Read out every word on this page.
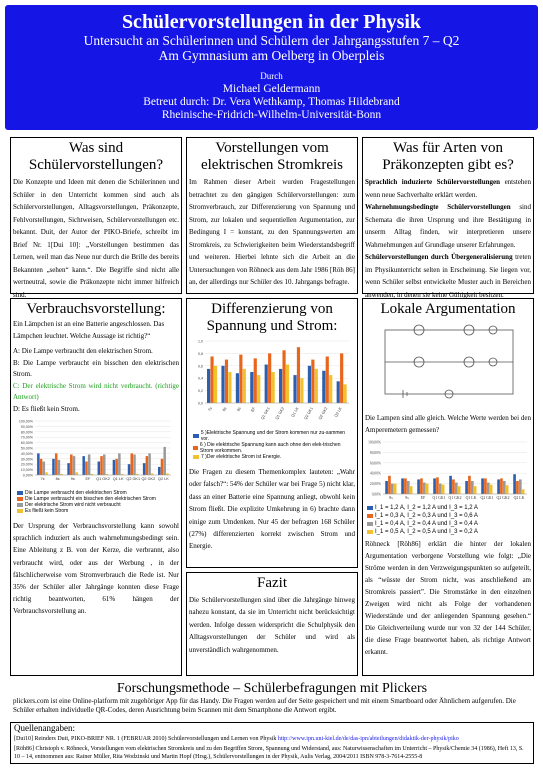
Schülervorstellungen in der Physik
Untersucht an Schülerinnen und Schülern der Jahrgangsstufen 7 – Q2
Am Gymnasium am Oelberg in Oberpleis
Durch
Michael Geldermann
Betreut durch: Dr. Vera Wethkamp, Thomas Hildebrand
Rheinische-Fridrich-Wilhelm-Universität-Bonn
Was sind
Schülervorstellungen?
Die Konzepte und Ideen mit denen die Schülerinnen und Schüler in den Unterricht kommen sind auch als Schülervorstellungen, Alltagsvorstellungen, Präkonzepte, Fehlvorstellungen, Sichtweisen, Schülervorstellungen etc. bekannt. Duit, der Autor der PIKO-Briefe, schreibt im Brief Nr. 1[Dui 10]: „Vorstellungen bestimmen das Lernen, weil man das Neue nur durch die Brille des bereits Bekannten „sehen“ kann.“. Die Begriffe sind nicht alle wertneutral, sowie die Präkonzepte nicht immer hilfreich sind.
Vorstellungen vom
elektrischen Stromkreis
Im Rahmen dieser Arbeit wurden Fragestellungen betrachtet zu den gängigen Schülervorstellungen: zum Stromverbrauch, zur Differenzierung von Spannung und Strom, zur lokalen und sequentiellen Argumentation, zur Bedingung I = konstant, zu den Spannungswerten am Stromkreis, zu Schwierigkeiten beim Wiederstandsbegriff und weiteren. Hierbei lehnte sich die Arbeit an die Untersuchungen von Röhneck aus dem Jahr 1986 [Röh 86] an, der allerdings nur Schüler des 10. Jahrgangs befragte.
Was für Arten von
Präkonzepten gibt es?

Sprachlich induzierte Schülervorstellungen entstehen wenn neue Sachverhalte erklärt werden.

Wahrnehmungsbedingte Schülervorstellungen sind Schemata die ihren Ursprung und ihre Bestätigung in unserm Alltag finden, wir interpretieren unsere Wahrnehmungen auf Grundlage unserer Erfahrungen.

Schülervorstellungen durch Übergeneralisierung treten im Physikunterricht selten in Erscheinung. Sie liegen vor, wenn Schüler selbst entwickelte Muster auch in Bereichen anwenden, in denen sie keine Gültigkeit besitzen.

Verbrauchsvorstellung:
Ein Lämpchen ist an eine Batterie angeschlossen. Das Lämpchen leuchtet. Welche Aussage ist richtig?“
A: Die Lampe verbraucht den elektrischen Strom.
B: Die Lampe verbraucht ein bisschen den elektrischen Strom.
C: Der elektrische Strom wird nicht verbraucht. (richtige Antwort)
D: Es fließt kein Strom.
0,00%
10,00%
20,00%
30,00%
40,00%
50,00%
60,00%
70,00%
80,00%
90,00%
100,00%
7s	8s	9s	EF Q1 GK2 Q1 LK Q2 GK1 Q2 GK2 Q2 LK
Die Lampe verbraucht den elektrischen Strom
Die Lampe verbraucht ein bisschen den elektrischen Strom
Der elektrische Strom wird nicht verbraucht
Es fließt kein Strom
Der Ursprung der Verbrauchsvorstellung kann sowohl sprachlich induziert als auch wahrnehmungsbedingt sein. Eine Ableitung z B. von der Kerze, die verbrannt, also verbraucht wird, oder aus der Werbung , in der fälschlicherweise vom Stromverbrauch die Rede ist. Nur 35% der Schüler aller Jahrgänge konnten diese Frage richtig beantworten, 61% hängen der Verbrauchsvorstellung an.
Differenzierung von
Spannung und Strom:
0,0
0,2
0,4
0,6
0,8
1,0
7s 8s 9s EF Q1 GK1 Q1 GK2 Q1 LK Q2 GK1 Q2 GK2 Q2 LK
5 )Elektrische Spannung und der Strom kommen nur zu-sammen vor.
6 ) Die elektrische Spannung kann auch ohne den elek-trischen Strom vorkommen.
7 )Der elektrische Strom ist Energie.
Die Fragen zu diesem Themenkomplex lauteten: „Wahr oder falsch?“: 54% der Schüler war bei Frage 5) nicht klar, dass an einer Batterie eine Spannung anliegt, obwohl kein Strom fließt. Die explizite Umkehrung in 6) brachte dann einige zum Umdenken. Nur 45 der befragten 168 Schüler (27%) differenzierten korrekt zwischen Strom und Energie.
Fazit
Die Schülervorstellungen sind über die Jahrgänge hinweg nahezu konstant, da sie im Unterricht nicht berücksichtigt werden. Infolge dessen widerspricht die Schulphysik den Alltagsvorstellungen der Schüler und wird als unverständlich wahrgenommen.
Lokale Argumentation
Die Lampen sind alle gleich. Welche Werte werden bei den Amperemetern gemessen?
0,00%
20,00%
40,00%
60,00%
80,00%
100,00%
8s	9s	EF Q1 GK1 Q1 GK2 Q1 LK Q2 GK1 Q2 GK2 Q2 LK
I_1 = 1,2 A, I_2 = 1,2 A und I_3 = 1,2 A
I_1 = 0,3 A, I_2 = 0,3 A und I_3 = 0,6 A
I_1 = 0,4 A, I_2 = 0,4 A und I_3 = 0,4 A
I_1 = 0,5 A, I_2 = 0,5 A und I_3 = 0,2 A
Röhneck [Röh86] erklärt die hinter der lokalen Argumentation verborgene Vorstellung wie folgt: „Die Ströme werden in den Verzweigungspunkten so aufgeteilt, als “wüsste der Strom nicht, was anschließend am Stromkreis passiert”. Die Stromstärke in den einzelnen Zweigen wird nicht als Folge der vorhandenen Wiederstände und der anliegenden Spannung gesehen.“ Die Gleichverteilung wurde nur von 32 der 144 Schüler, die diese Frage beantwortet haben, als richtige Antwort erkannt.
Forschungsmethode – Schülerbefragungen mit Plickers
plickers.com ist eine Online-platform mit zugehöriger App für das Handy. Die Fragen werden auf der Seite gespeichert und mit einem Smartboard oder Ähnlichem aufgerufen. Die Schüler erhalten individuelle QR-Codes, deren Ausrichtung beim Scannen mit dem Smartphone die Antwort ergibt.
Quellenangaben:
[Dui10] Reinders Duit, PIKO-BRIEF NR. 1 (FEBRUAR 2010) Schülervorstellungen und Lernen von Physik http://www.ipn.uni-kiel.de/de/das-ipn/abteilungen/didaktik-der-physik/piko
[Röh86] Christoph v. Röhneck, Vorstellungen vom elektrischen Stromkreis und zu den Begriffen Strom, Spannung und Widerstand, aus: Naturwissenschaften im Unterricht – Physik/Chemie 34 (1986), Heft 13, S. 10 – 14, entnommen aus: Rainer Müller, Rita Wodzinski und Martin Hopf (Hrsg.), Schülervorstellungen in der Physik, Aulis Verlag, 2004/2011 ISBN 978-3-7614-2555-8
